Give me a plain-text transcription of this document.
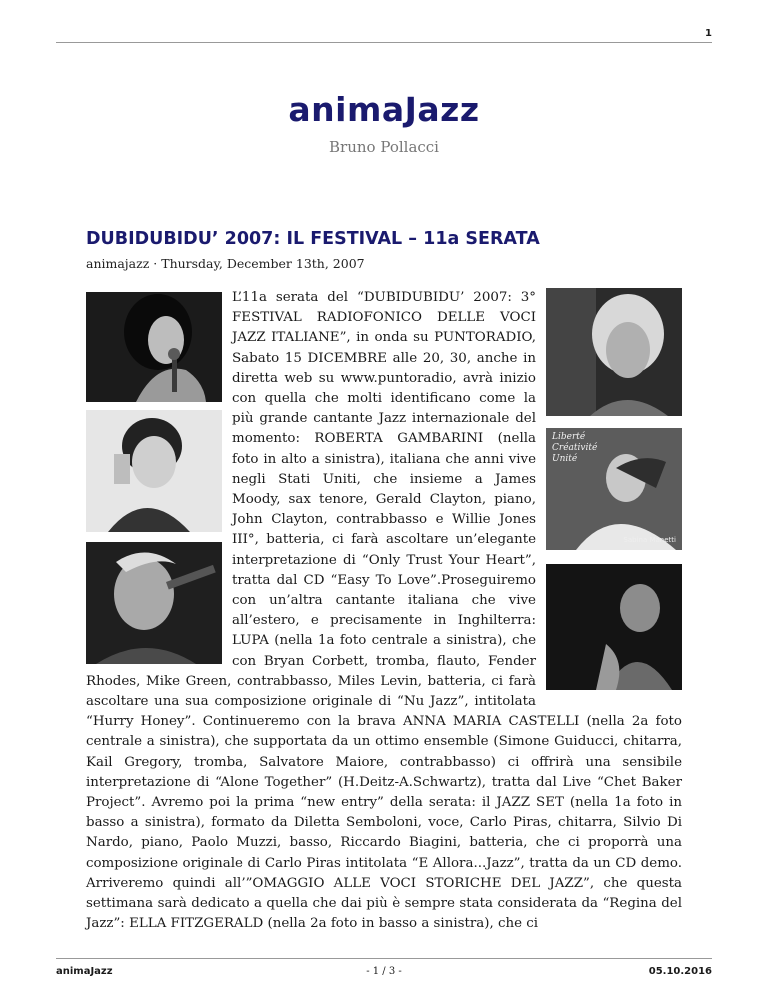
1
animaJazz
Bruno Pollacci
DUBIDUBIDU’ 2007: IL FESTIVAL – 11a SERATA
animajazz · Thursday, December 13th, 2007
Liberté Créativité Unité
Sabina Manetti
L’11a serata del “DUBIDUBIDU’ 2007: 3° FESTIVAL RADIOFONICO DELLE VOCI JAZZ ITALIANE”, in onda su PUNTORADIO, Sabato 15 DICEMBRE alle 20, 30, anche in diretta web su www.puntoradio, avrà inizio con quella che molti identificano come la più grande cantante Jazz internazionale del momento: ROBERTA GAMBARINI (nella foto in alto a sinistra), italiana che anni vive negli Stati Uniti, che insieme a James Moody, sax tenore, Gerald Clayton, piano, John Clayton, contrabbasso e Willie Jones III°, batteria, ci farà ascoltare un’elegante interpretazione di “Only Trust Your Heart”, tratta dal CD “Easy To Love”.Proseguiremo con un’altra cantante italiana che vive all’estero, e precisamente in Inghilterra: LUPA (nella 1a foto centrale a sinistra), che con Bryan Corbett, tromba, flauto, Fender Rhodes, Mike Green, contrabbasso, Miles Levin, batteria, ci farà ascoltare una sua composizione originale di “Nu Jazz”, intitolata “Hurry Honey”. Continueremo con la brava ANNA MARIA CASTELLI (nella 2a foto centrale a sinistra), che supportata da un ottimo ensemble (Simone Guiducci, chitarra, Kail Gregory, tromba, Salvatore Maiore, contrabbasso) ci offrirà una sensibile interpretazione di “Alone Together” (H.Deitz-A.Schwartz), tratta dal Live “Chet Baker Project”. Avremo poi la prima “new entry” della serata: il JAZZ SET (nella 1a foto in basso a sinistra), formato da Diletta Semboloni, voce, Carlo Piras, chitarra, Silvio Di Nardo, piano, Paolo Muzzi, basso, Riccardo Biagini, batteria, che ci proporrà una composizione originale di Carlo Piras intitolata “E Allora...Jazz”, tratta da un CD demo. Arriveremo quindi all’”OMAGGIO ALLE VOCI STORICHE DEL JAZZ”, che questa settimana sarà dedicato a quella che dai più è sempre stata considerata da “Regina del Jazz”: ELLA FITZGERALD (nella 2a foto in basso a sinistra), che ci
animaJazz	- 1 / 3 -	05.10.2016
